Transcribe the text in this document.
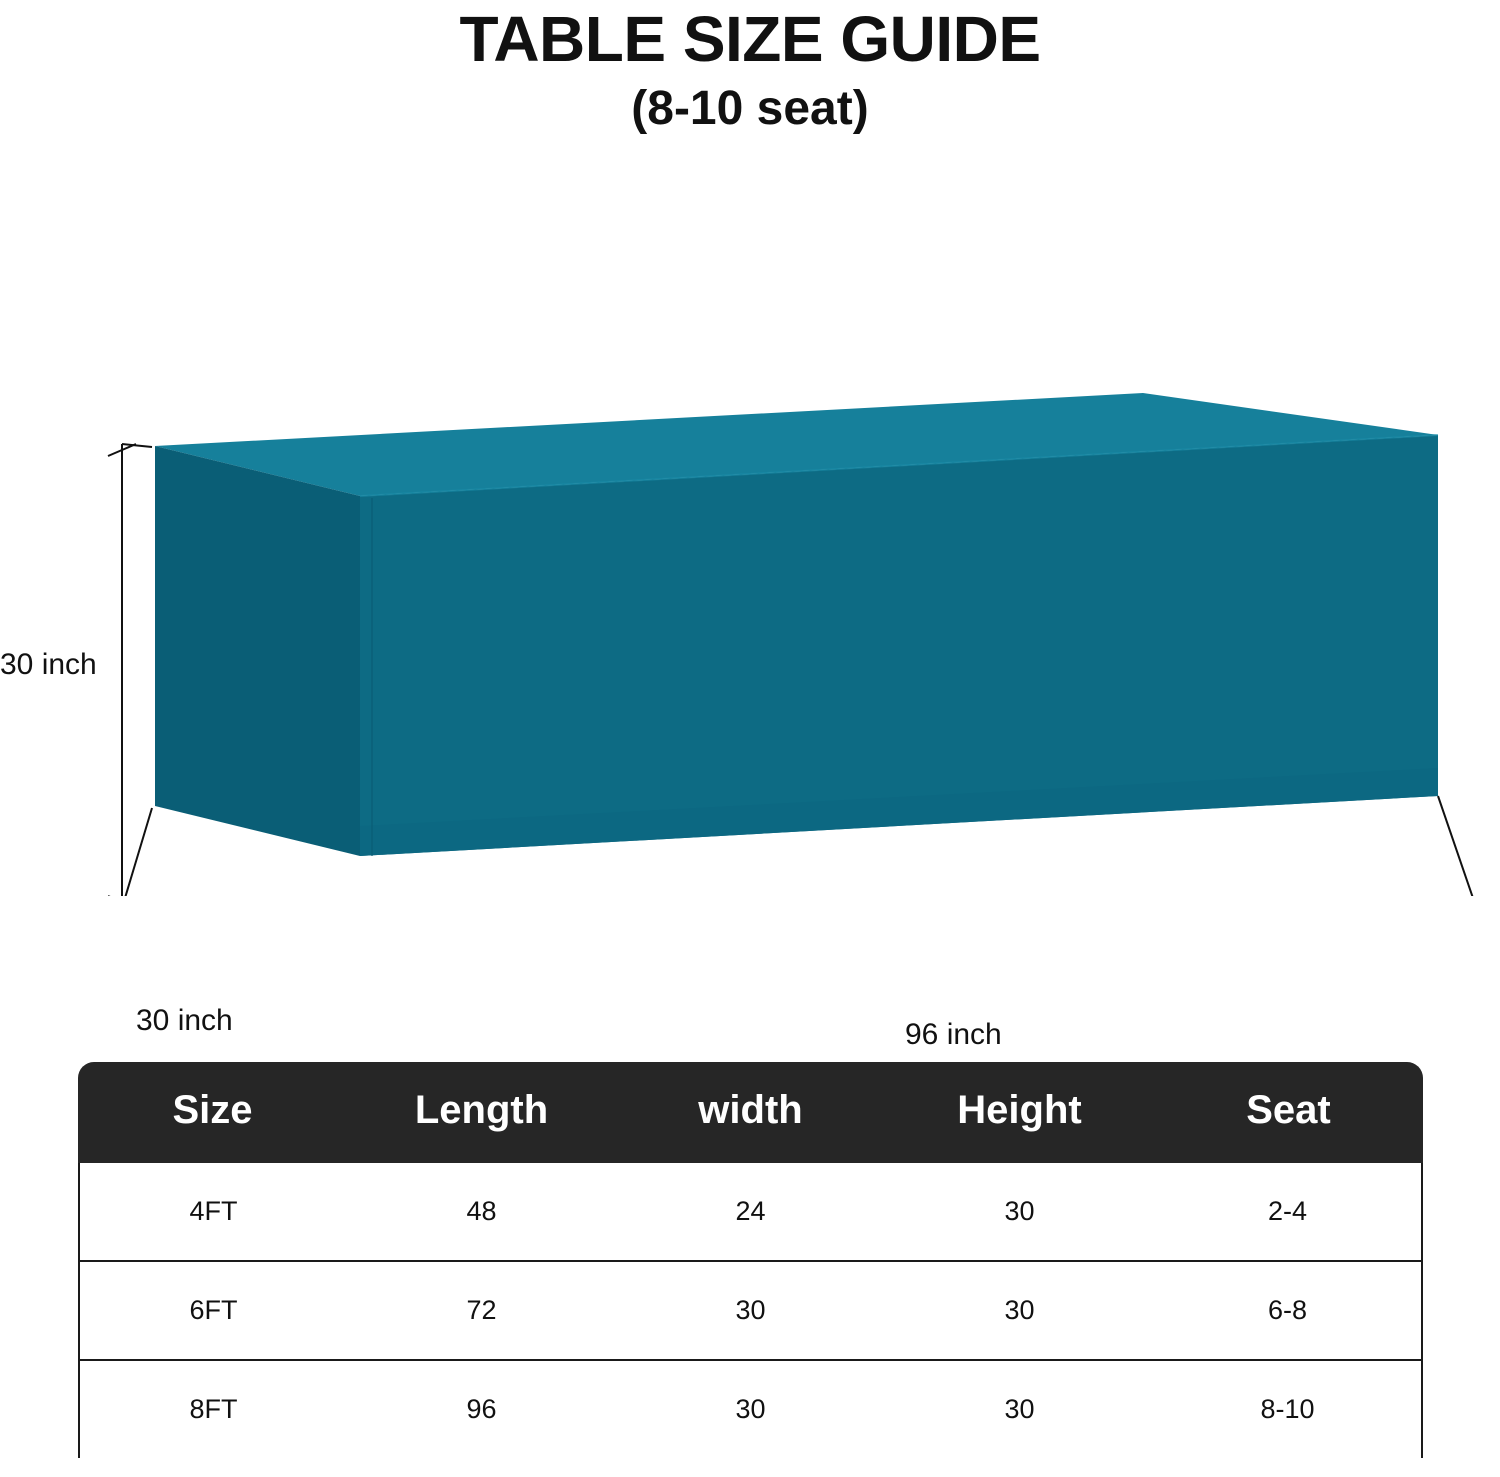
TABLE SIZE GUIDE
(8-10 seat)
30 inch
30 inch	96 inch
Size	Length	width	Height	Seat
4FT	48	24	30	2-4
6FT	72	30	30	6-8
8FT	96	30	30	8-10
